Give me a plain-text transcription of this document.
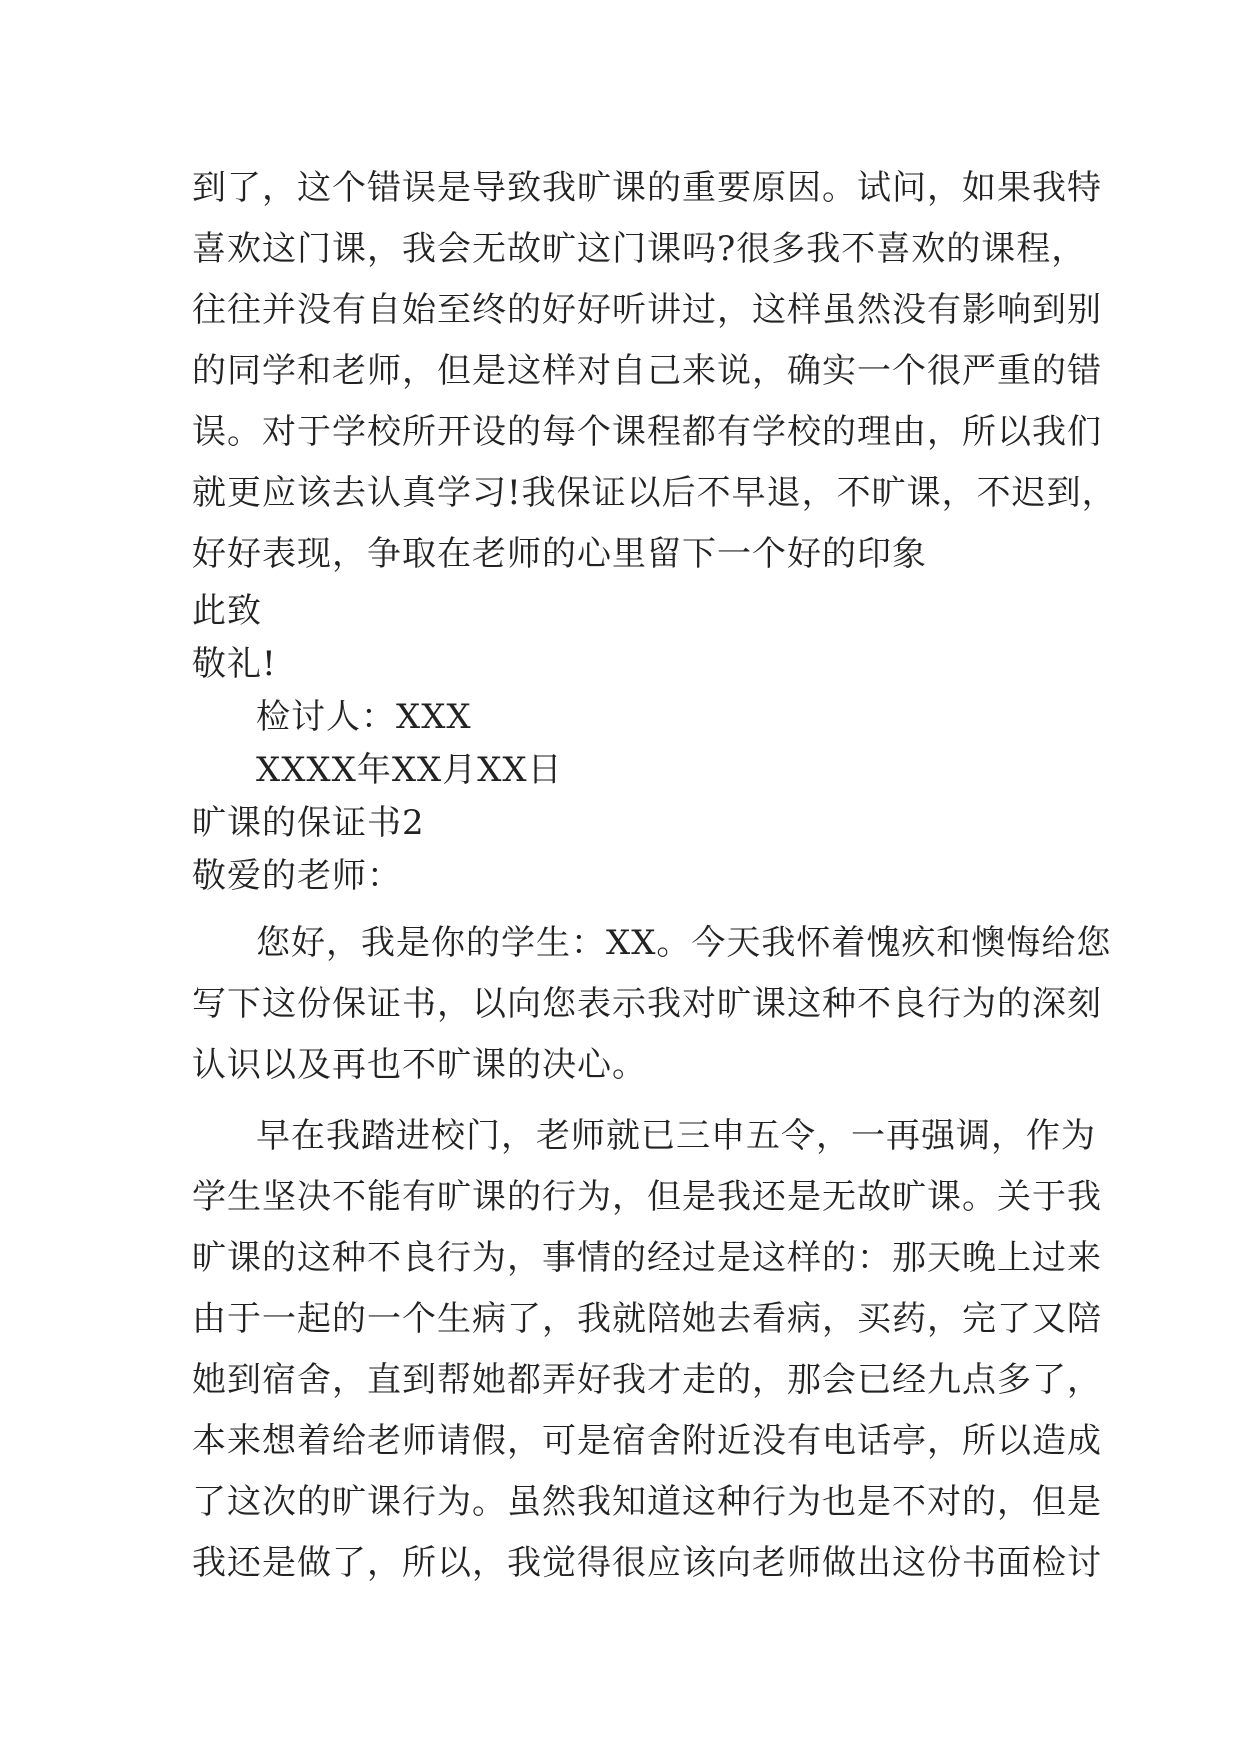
到了，这个错误是导致我旷课的重要原因。试问，如果我特
喜欢这门课，我会无故旷这门课吗?很多我不喜欢的课程，
往往并没有自始至终的好好听讲过，这样虽然没有影响到别
的同学和老师，但是这样对自己来说，确实一个很严重的错
误。对于学校所开设的每个课程都有学校的理由，所以我们
就更应该去认真学习!我保证以后不早退，不旷课，不迟到，
好好表现，争取在老师的心里留下一个好的印象
此致
敬礼!
检讨人：XXX
XXXX年XX月XX日
旷课的保证书2
敬爱的老师：
您好，我是你的学生：XX。今天我怀着愧疚和懊悔给您
写下这份保证书，以向您表示我对旷课这种不良行为的深刻
认识以及再也不旷课的决心。
早在我踏进校门，老师就已三申五令，一再强调，作为
学生坚决不能有旷课的行为，但是我还是无故旷课。关于我
旷课的这种不良行为，事情的经过是这样的：那天晚上过来
由于一起的一个生病了，我就陪她去看病，买药，完了又陪
她到宿舍，直到帮她都弄好我才走的，那会已经九点多了，
本来想着给老师请假，可是宿舍附近没有电话亭，所以造成
了这次的旷课行为。虽然我知道这种行为也是不对的，但是
我还是做了，所以，我觉得很应该向老师做出这份书面检讨
